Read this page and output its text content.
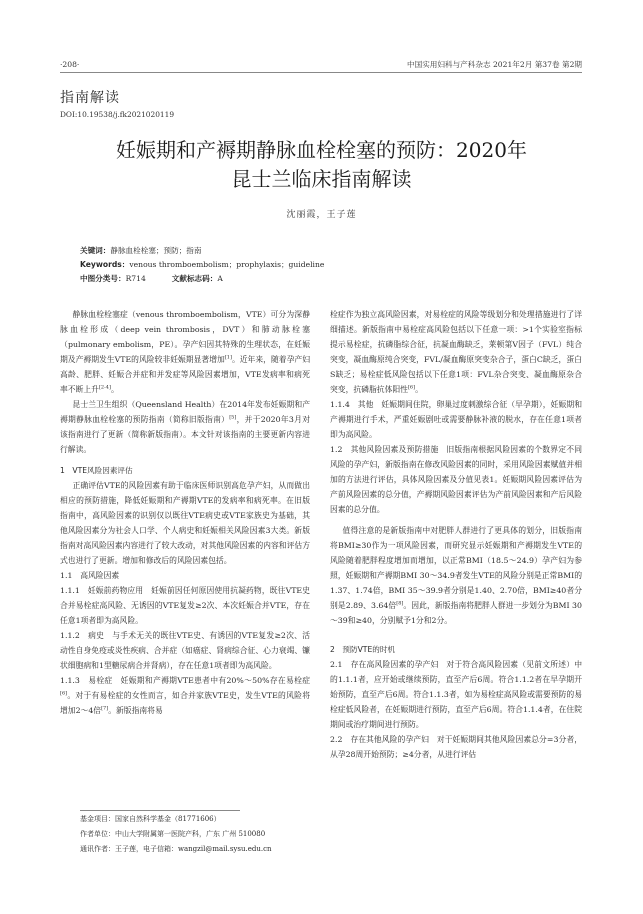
·208·	中国实用妇科与产科杂志 2021年2月 第37卷 第2期
指南解读
DOI:10.19538/j.fk2021020119
妊娠期和产褥期静脉血栓栓塞的预防：2020年
昆士兰临床指南解读
沈丽霞，王子莲
关键词：静脉血栓栓塞；预防；指南
Keywords：venous thromboembolism；prophylaxis；guideline
中图分类号：R714	文献标志码：A

静脉血栓栓塞症（venous thromboembolism，VTE）可分为深静脉血栓形成（deep vein thrombosis，DVT）和肺动脉栓塞（pulmonary embolism，PE）。孕产妇因其特殊的生理状态，在妊娠期及产褥期发生VTE的风险较非妊娠期显著增加[1]。近年来，随着孕产妇高龄、肥胖、妊娠合并症和并发症等风险因素增加，VTE发病率和病死率不断上升[2-4]。

昆士兰卫生组织（Queensland Health）在2014年发布妊娠期和产褥期静脉血栓栓塞的预防指南（简称旧版指南）[5]，并于2020年3月对该指南进行了更新（简称新版指南）。本文针对该指南的主要更新内容进行解读。

1　VTE风险因素评估

正确评估VTE的风险因素有助于临床医师识别高危孕产妇，从而做出相应的预防措施，降低妊娠期和产褥期VTE的发病率和病死率。在旧版指南中，高风险因素的识别仅以既往VTE病史或VTE家族史为基础，其他风险因素分为社会人口学、个人病史和妊娠相关风险因素3大类。新版指南对高风险因素内容进行了较大改动，对其他风险因素的内容和评估方式也进行了更新。增加和修改后的风险因素包括。

1.1　高风险因素

1.1.1　妊娠前药物应用　妊娠前因任何原因使用抗凝药物，既往VTE史合并易栓症高风险、无诱因的VTE复发≥2次、本次妊娠合并VTE，存在任意1项者即为高风险。

1.1.2　病史　与手术无关的既往VTE史、有诱因的VTE复发≥2次、活动性自身免疫或炎性疾病、合并症（如癌症、肾病综合征、心力衰竭、镰状细胞病和1型糖尿病合并肾病），存在任意1项者即为高风险。

1.1.3　易栓症　妊娠期和产褥期VTE患者中有20%～50%存在易栓症[6]。对于有易栓症的女性而言，如合并家族VTE史，发生VTE的风险将增加2～4倍[7]。新版指南将易

基金项目：国家自然科学基金（81771606）
作者单位：中山大学附属第一医院产科，广东 广州 510080
通讯作者：王子莲，电子信箱：wangzil@mail.sysu.edu.cn

栓症作为独立高风险因素，对易栓症的风险等级划分和处理措施进行了详细描述。新版指南中易栓症高风险包括以下任意一项：>1个实验室指标提示易栓症，抗磷脂综合征，抗凝血酶缺乏，莱顿第V因子（FVL）纯合突变，凝血酶原纯合突变，FVL/凝血酶原突变杂合子，蛋白C缺乏，蛋白S缺乏；易栓症低风险包括以下任意1项：FVL杂合突变、凝血酶原杂合突变，抗磷脂抗体阳性[6]。

1.1.4　其他　妊娠期间住院，卵巢过度刺激综合征（早孕期），妊娠期和产褥期进行手术，严重妊娠剧吐或需要静脉补液的脱水，存在任意1项者即为高风险。

1.2　其他风险因素及预防措施　旧版指南根据风险因素的个数界定不同风险的孕产妇，新版指南在修改风险因素的同时，采用风险因素赋值并相加的方法进行评估，具体风险因素及分值见表1。妊娠期风险因素评估为产前风险因素的总分值，产褥期风险因素评估为产前风险因素和产后风险因素的总分值。

值得注意的是新版指南中对肥胖人群进行了更具体的划分，旧版指南将BMI≥30作为一项风险因素，而研究显示妊娠期和产褥期发生VTE的风险随着肥胖程度增加而增加，以正常BMI（18.5～24.9）孕产妇为参照，妊娠期和产褥期BMI 30～34.9者发生VTE的风险分别是正常BMI的1.37、1.74倍，BMI 35～39.9者分别是1.40、2.70倍，BMI≥40者分别是2.89、3.64倍[8]。因此，新版指南将肥胖人群进一步划分为BMI 30～39和≥40，分别赋予1分和2分。

2　预防VTE的时机

2.1　存在高风险因素的孕产妇　对于符合高风险因素（见前文所述）中的1.1.1者，应开始或继续预防，直至产后6周。符合1.1.2者在早孕期开始预防，直至产后6周。符合1.1.3者，如为易栓症高风险或需要预防的易栓症低风险者，在妊娠期进行预防，直至产后6周。符合1.1.4者，在住院期间或治疗期间进行预防。

2.2　存在其他风险的孕产妇　对于妊娠期间其他风险因素总分=3分者，从孕28周开始预防；≥4分者，从进行评估
